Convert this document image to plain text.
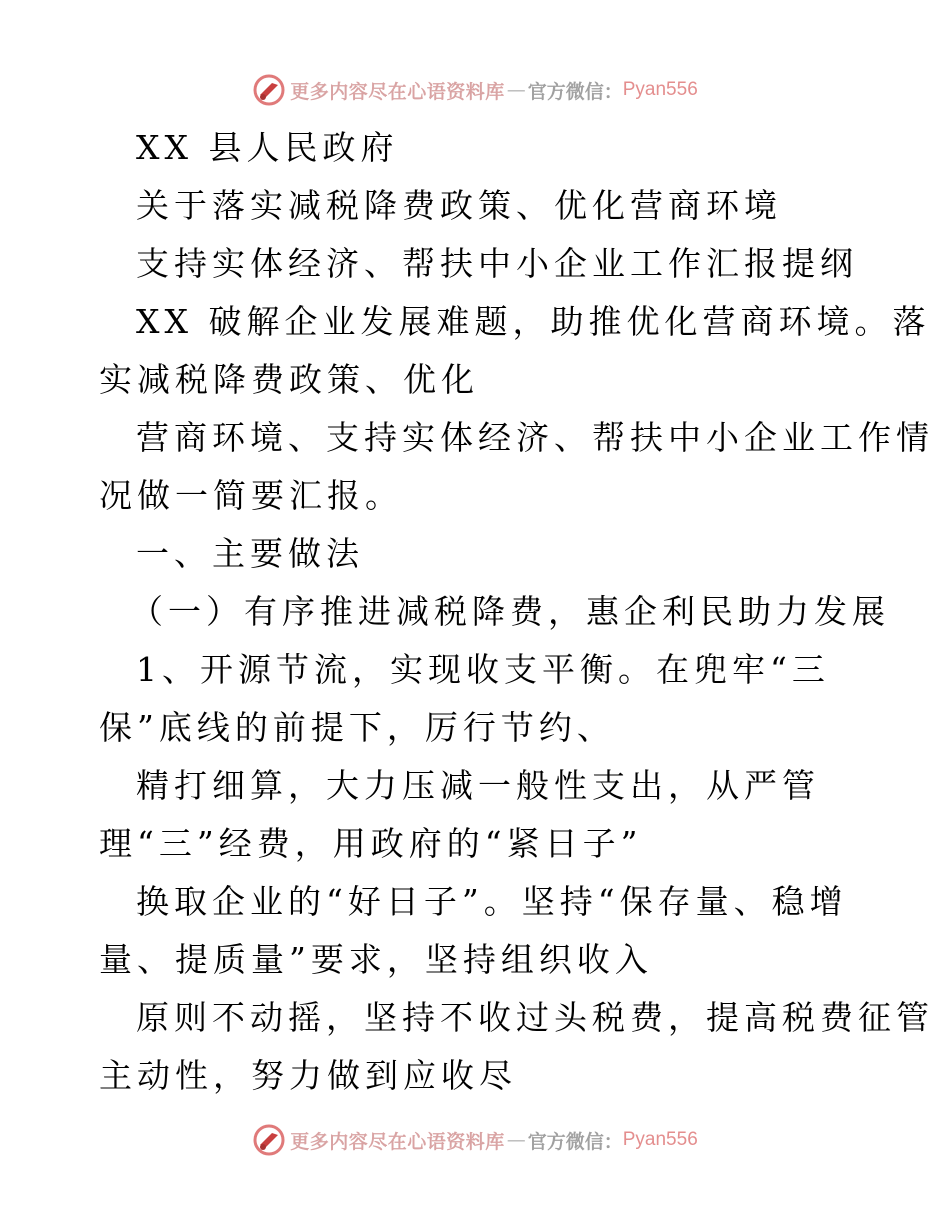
更多内容尽在心语资料库 — 官方微信： Pyan556
XX 县人民政府
关于落实减税降费政策、优化营商环境
支持实体经济、帮扶中小企业工作汇报提纲
XX 破解企业发展难题，助推优化营商环境。落
实减税降费政策、优化
营商环境、支持实体经济、帮扶中小企业工作情
况做一简要汇报。
一、主要做法
（一）有序推进减税降费，惠企利民助力发展
1、开源节流，实现收支平衡。在兜牢“三
保”底线的前提下，厉行节约、
精打细算，大力压减一般性支出，从严管
理“三”经费，用政府的“紧日子”
换取企业的“好日子”。坚持“保存量、稳增
量、提质量”要求，坚持组织收入
原则不动摇，坚持不收过头税费，提高税费征管
主动性，努力做到应收尽
更多内容尽在心语资料库 — 官方微信： Pyan556
